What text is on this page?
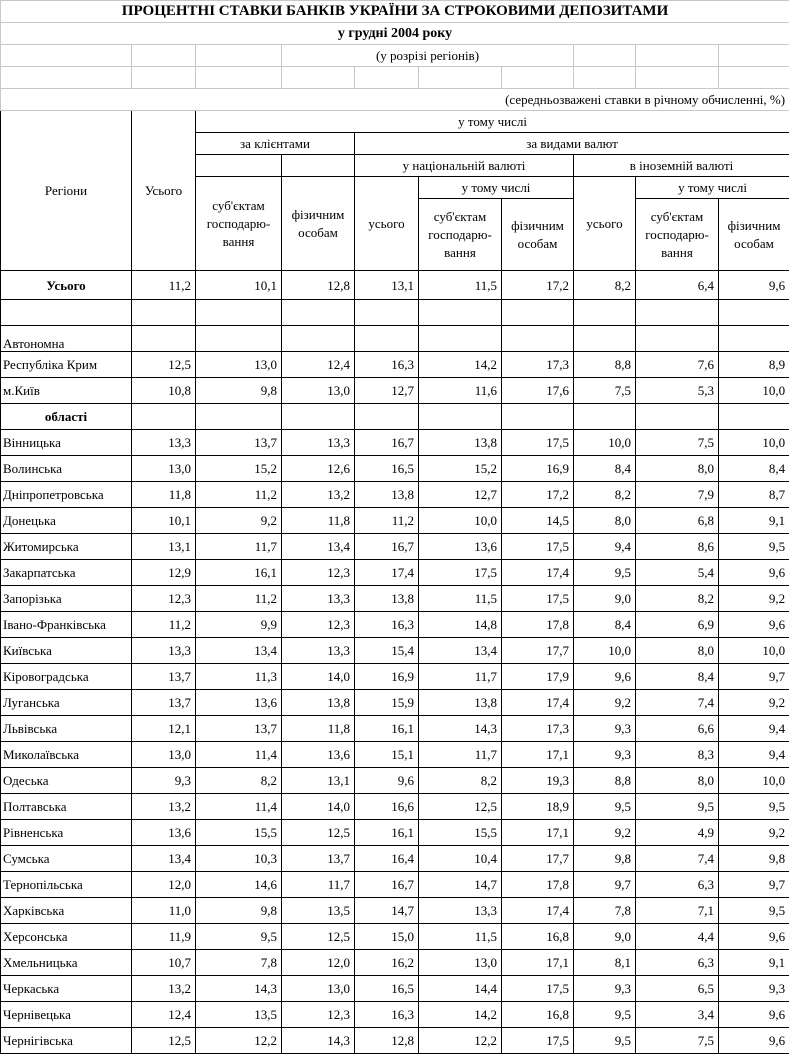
ПРОЦЕНТНІ СТАВКИ БАНКІВ УКРАЇНИ ЗА СТРОКОВИМИ ДЕПОЗИТАМИ									
у грудні 2004 року									
			(у розрізі регіонів)						

(середньозважені ставки в річному обчисленні, %)									
Регіони	Усього	у тому числі							
		за клієнтами		за видами валют					
				у національній валюті			в іноземній валюті		
		суб'єктам господарю-вання	фізичним особам	усього	у тому числі		усього	у тому числі	
					суб'єктам господарю-вання	фізичним особам		суб'єктам господарю-вання	фізичним особам
Усього	11,2	10,1	12,8	13,1	11,5	17,2	8,2	6,4	9,6

Автономна									
Республіка Крим	12,5	13,0	12,4	16,3	14,2	17,3	8,8	7,6	8,9
м.Київ	10,8	9,8	13,0	12,7	11,6	17,6	7,5	5,3	10,0
області									
Вінницька	13,3	13,7	13,3	16,7	13,8	17,5	10,0	7,5	10,0
Волинська	13,0	15,2	12,6	16,5	15,2	16,9	8,4	8,0	8,4
Дніпропетровська	11,8	11,2	13,2	13,8	12,7	17,2	8,2	7,9	8,7
Донецька	10,1	9,2	11,8	11,2	10,0	14,5	8,0	6,8	9,1
Житомирська	13,1	11,7	13,4	16,7	13,6	17,5	9,4	8,6	9,5
Закарпатська	12,9	16,1	12,3	17,4	17,5	17,4	9,5	5,4	9,6
Запорізька	12,3	11,2	13,3	13,8	11,5	17,5	9,0	8,2	9,2
Івано-Франківська	11,2	9,9	12,3	16,3	14,8	17,8	8,4	6,9	9,6
Київська	13,3	13,4	13,3	15,4	13,4	17,7	10,0	8,0	10,0
Кіровоградська	13,7	11,3	14,0	16,9	11,7	17,9	9,6	8,4	9,7
Луганська	13,7	13,6	13,8	15,9	13,8	17,4	9,2	7,4	9,2
Львівська	12,1	13,7	11,8	16,1	14,3	17,3	9,3	6,6	9,4
Миколаївська	13,0	11,4	13,6	15,1	11,7	17,1	9,3	8,3	9,4
Одеська	9,3	8,2	13,1	9,6	8,2	19,3	8,8	8,0	10,0
Полтавська	13,2	11,4	14,0	16,6	12,5	18,9	9,5	9,5	9,5
Рівненська	13,6	15,5	12,5	16,1	15,5	17,1	9,2	4,9	9,2
Сумська	13,4	10,3	13,7	16,4	10,4	17,7	9,8	7,4	9,8
Тернопільська	12,0	14,6	11,7	16,7	14,7	17,8	9,7	6,3	9,7
Харківська	11,0	9,8	13,5	14,7	13,3	17,4	7,8	7,1	9,5
Херсонська	11,9	9,5	12,5	15,0	11,5	16,8	9,0	4,4	9,6
Хмельницька	10,7	7,8	12,0	16,2	13,0	17,1	8,1	6,3	9,1
Черкаська	13,2	14,3	13,0	16,5	14,4	17,5	9,3	6,5	9,3
Чернівецька	12,4	13,5	12,3	16,3	14,2	16,8	9,5	3,4	9,6
Чернігівська	12,5	12,2	14,3	12,8	12,2	17,5	9,5	7,5	9,6
